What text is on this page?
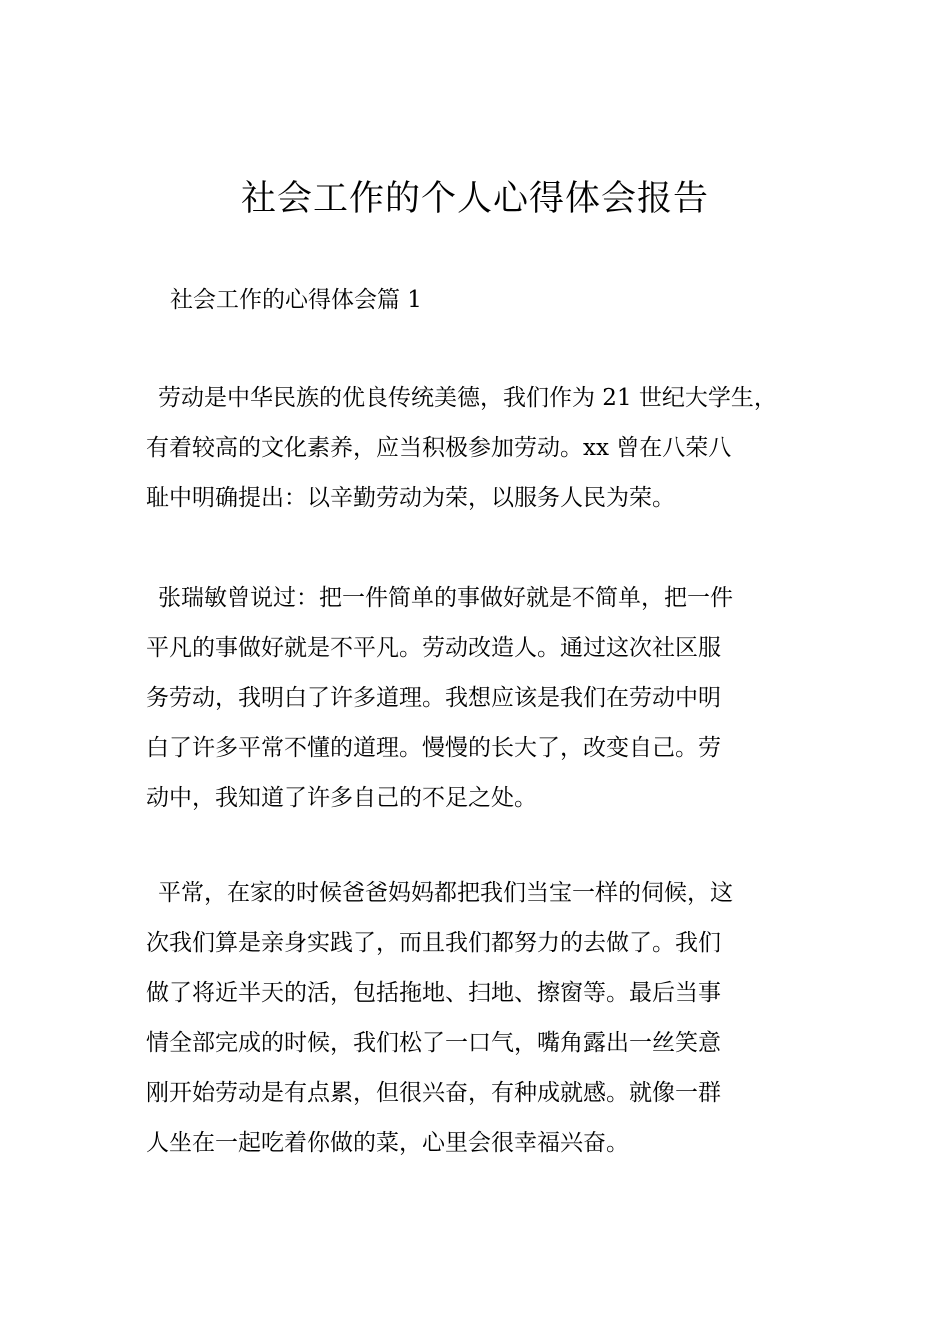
社会工作的个人心得体会报告
社会工作的心得体会篇 1
劳动是中华民族的优良传统美德，我们作为 21 世纪大学生，
有着较高的文化素养，应当积极参加劳动。xx 曾在八荣八
耻中明确提出：以辛勤劳动为荣，以服务人民为荣。
张瑞敏曾说过：把一件简单的事做好就是不简单，把一件
平凡的事做好就是不平凡。劳动改造人。通过这次社区服
务劳动，我明白了许多道理。我想应该是我们在劳动中明
白了许多平常不懂的道理。慢慢的长大了，改变自己。劳
动中，我知道了许多自己的不足之处。
平常，在家的时候爸爸妈妈都把我们当宝一样的伺候，这
次我们算是亲身实践了，而且我们都努力的去做了。我们
做了将近半天的活，包括拖地、扫地、擦窗等。最后当事
情全部完成的时候，我们松了一口气，嘴角露出一丝笑意
刚开始劳动是有点累，但很兴奋，有种成就感。就像一群
人坐在一起吃着你做的菜，心里会很幸福兴奋。
